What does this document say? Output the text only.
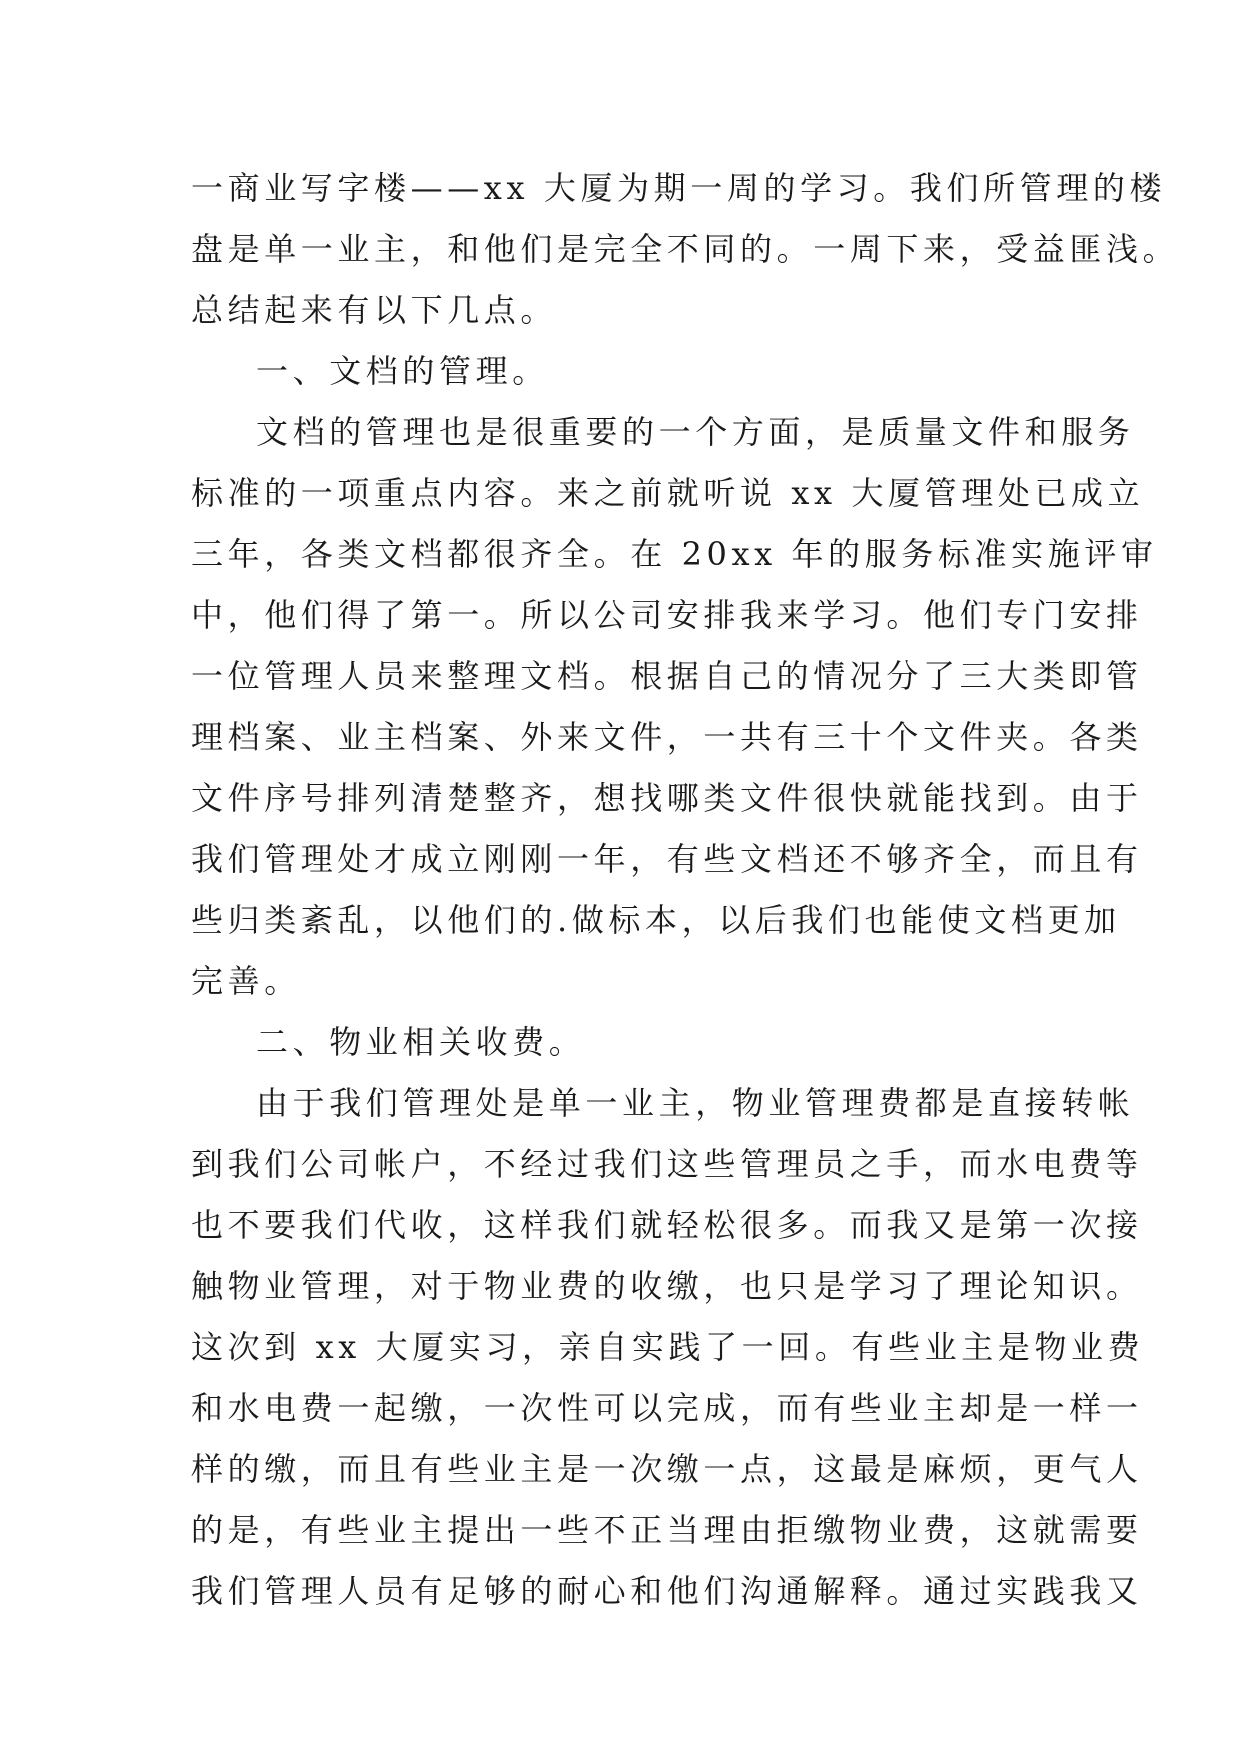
一商业写字楼——xx 大厦为期一周的学习。我们所管理的楼
盘是单一业主，和他们是完全不同的。一周下来，受益匪浅。
总结起来有以下几点。
一、文档的管理。
文档的管理也是很重要的一个方面，是质量文件和服务
标准的一项重点内容。来之前就听说 xx 大厦管理处已成立
三年，各类文档都很齐全。在 20xx 年的服务标准实施评审
中，他们得了第一。所以公司安排我来学习。他们专门安排
一位管理人员来整理文档。根据自己的情况分了三大类即管
理档案、业主档案、外来文件，一共有三十个文件夹。各类
文件序号排列清楚整齐，想找哪类文件很快就能找到。由于
我们管理处才成立刚刚一年，有些文档还不够齐全，而且有
些归类紊乱，以他们的.做标本，以后我们也能使文档更加
完善。
二、物业相关收费。
由于我们管理处是单一业主，物业管理费都是直接转帐
到我们公司帐户，不经过我们这些管理员之手，而水电费等
也不要我们代收，这样我们就轻松很多。而我又是第一次接
触物业管理，对于物业费的收缴，也只是学习了理论知识。
这次到 xx 大厦实习，亲自实践了一回。有些业主是物业费
和水电费一起缴，一次性可以完成，而有些业主却是一样一
样的缴，而且有些业主是一次缴一点，这最是麻烦，更气人
的是，有些业主提出一些不正当理由拒缴物业费，这就需要
我们管理人员有足够的耐心和他们沟通解释。通过实践我又
